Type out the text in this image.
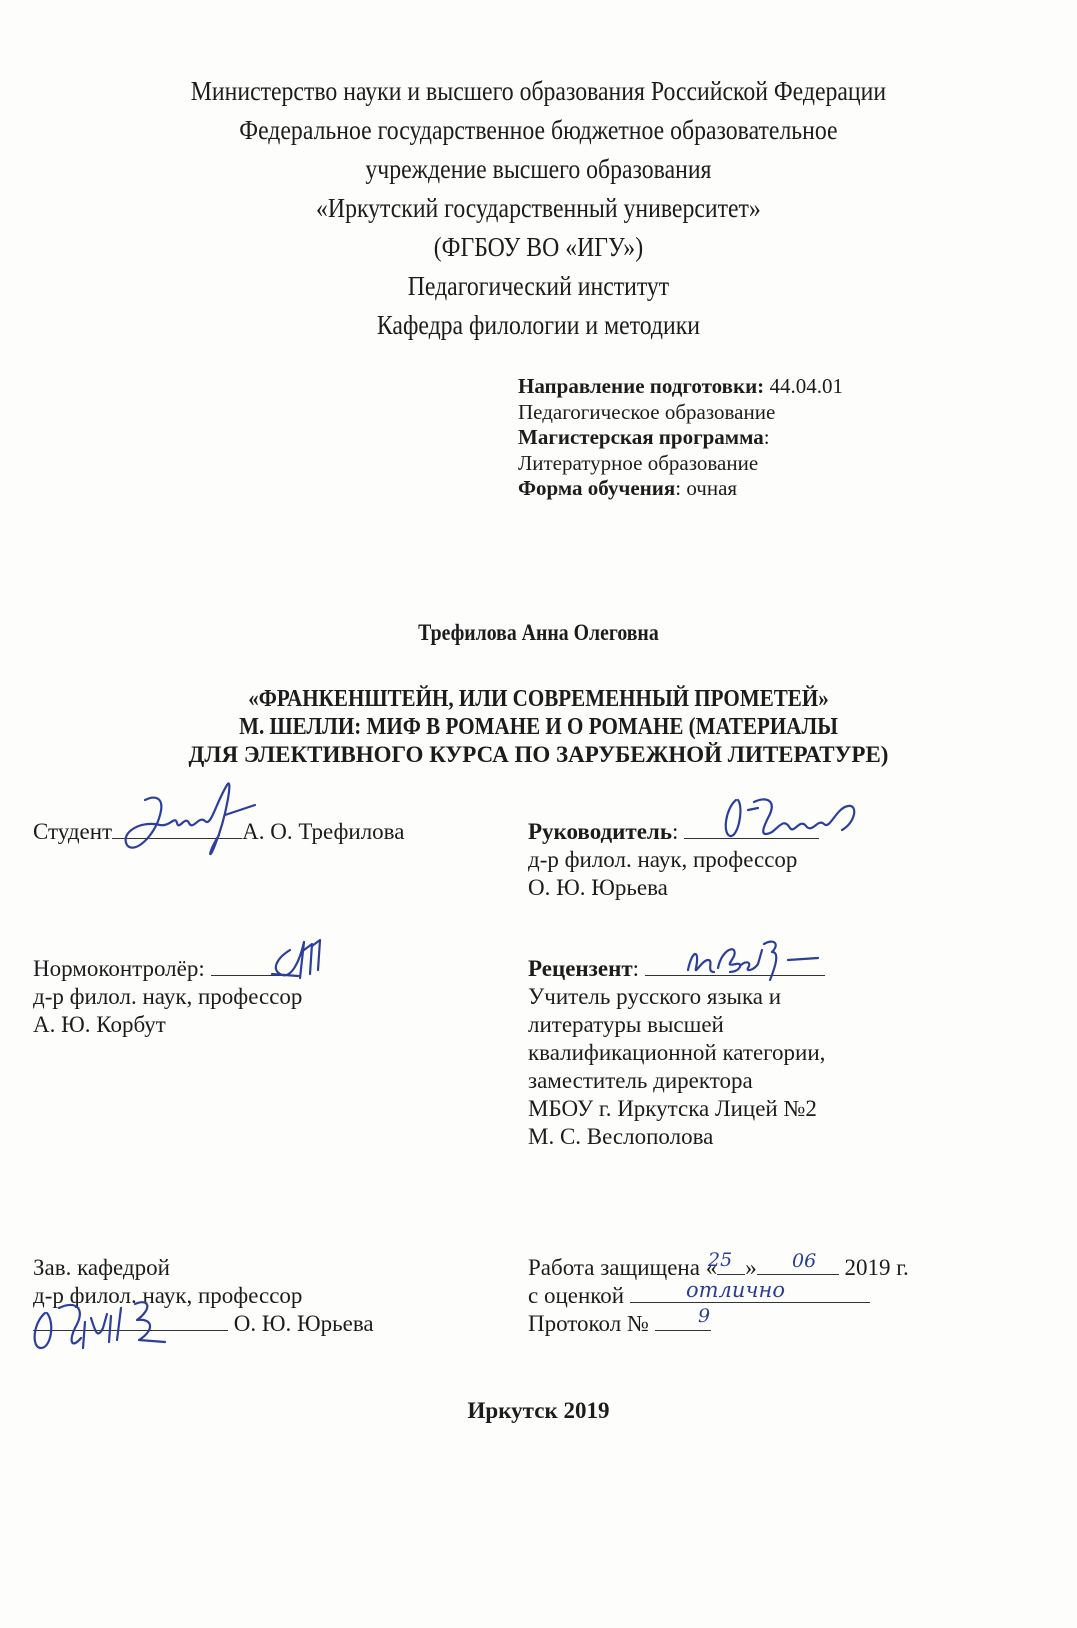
Министерство науки и высшего образования Российской Федерации
Федеральное государственное бюджетное образовательное
учреждение высшего образования
«Иркутский государственный университет»
(ФГБОУ ВО «ИГУ»)
Педагогический институт
Кафедра филологии и методики
Направление подготовки: 44.04.01
Педагогическое образование
Магистерская программа:
Литературное образование
Форма обучения: очная
Трефилова Анна Олеговна
«ФРАНКЕНШТЕЙН, ИЛИ СОВРЕМЕННЫЙ ПРОМЕТЕЙ»
М. ШЕЛЛИ: МИФ В РОМАНЕ И О РОМАНЕ (МАТЕРИАЛЫ
ДЛЯ ЭЛЕКТИВНОГО КУРСА ПО ЗАРУБЕЖНОЙ ЛИТЕРАТУРЕ)
Студент	А. О. Трефилова	Руководитель:
д-р филол. наук, профессор
О. Ю. Юрьева
Нормоконтролёр:
д-р филол. наук, профессор
А. Ю. Корбут
Рецензент:
Учитель русского языка и
литературы высшей
квалификационной категории,
заместитель директора
МБОУ г. Иркутска Лицей №2
М. С. Веслополова
Зав. кафедрой
д-р филол. наук, профессор
О. Ю. Юрьева
Работа защищена « »	2019 г.
с оценкой
Протокол №
25	06
отлично
9
Иркутск 2019
